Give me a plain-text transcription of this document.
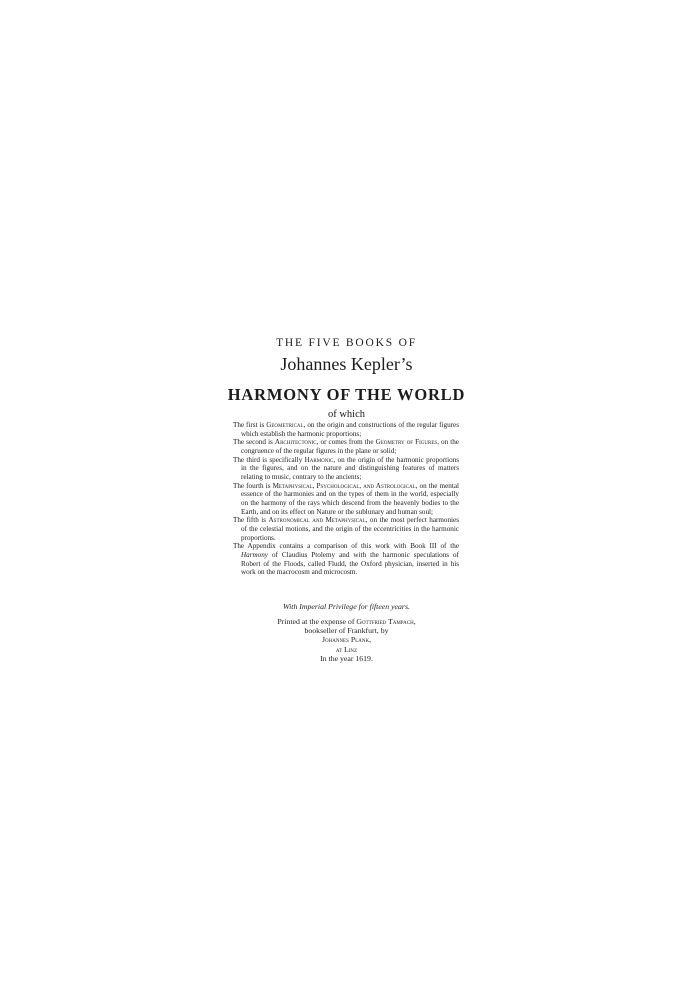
THE FIVE BOOKS OF
Johannes Kepler’s
HARMONY OF THE WORLD
of which

The first is Geometrical, on the origin and constructions of the regular figures which establish the harmonic proportions;

The second is Architectonic, or comes from the Geometry of Figures, on the congruence of the regular figures in the plane or solid;

The third is specifically Harmonic, on the origin of the harmonic proportions in the figures, and on the nature and distinguishing features of matters relating to music, contrary to the ancients;

The fourth is Metaphysical, Psychological, and Astrological, on the mental essence of the harmonies and on the types of them in the world, especially on the harmony of the rays which descend from the heavenly bodies to the Earth, and on its effect on Nature or the sublunary and human soul;

The fifth is Astronomical and Metaphysical, on the most perfect harmonies of the celestial motions, and the origin of the eccentricities in the harmonic proportions.

The Appendix contains a comparison of this work with Book III of the Harmony of Claudius Ptolemy and with the harmonic speculations of Robert of the Floods, called Fludd, the Oxford physician, inserted in his work on the macrocosm and microcosm.

With Imperial Privilege for fifteen years.
Printed at the expense of Gottfried Tampach,
bookseller of Frankfurt, by
Johannes Plank,
at Linz
In the year 1619.
